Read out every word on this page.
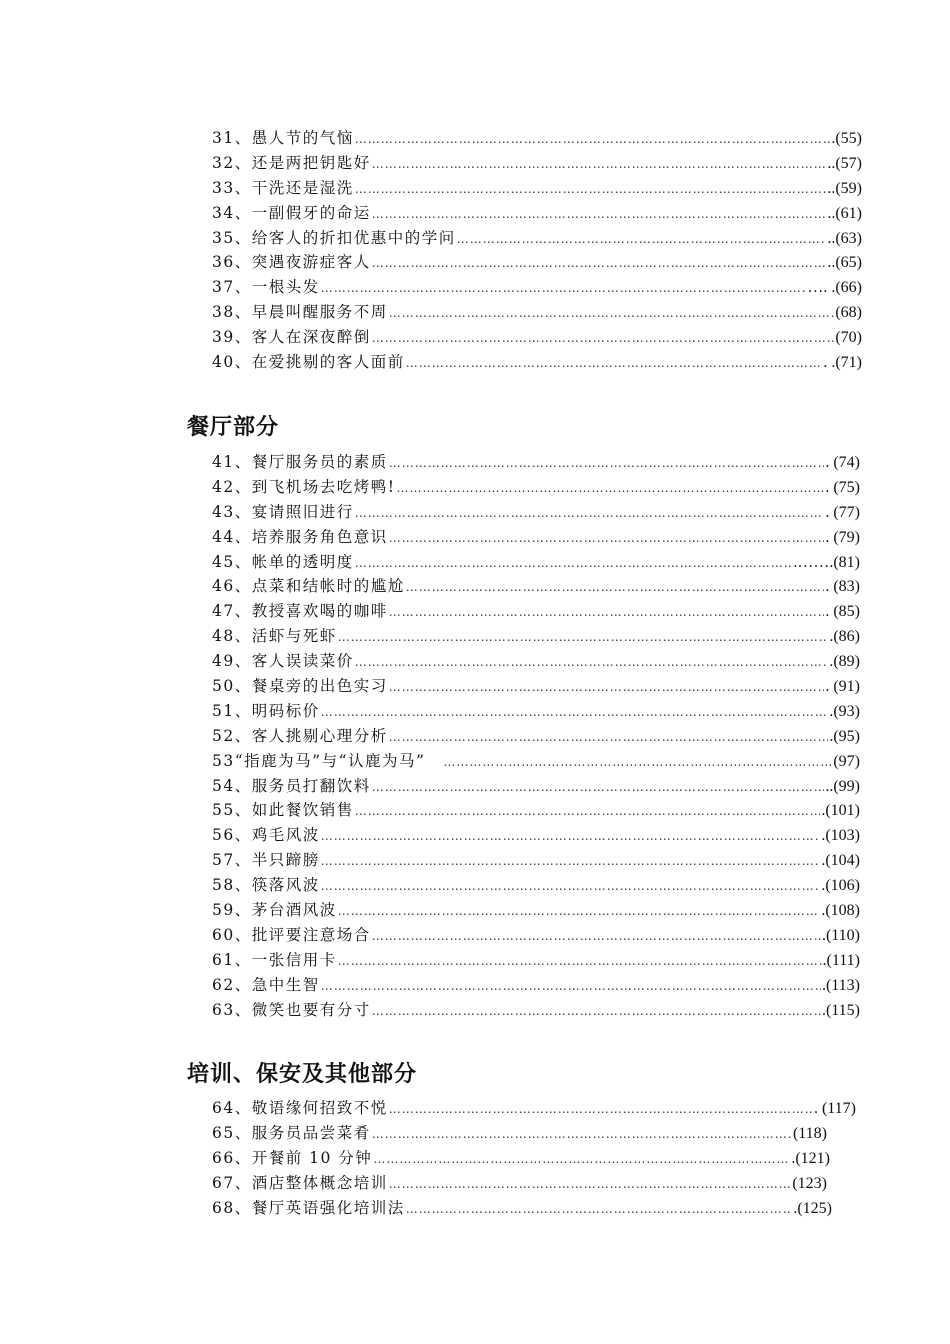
31、愚人节的气恼 ………………………………………………………………………………………………………………………………………………………………	.(55)
32、还是两把钥匙好 ………………………………………………………………………………………………………………………………………………………………	..(57)
33、干洗还是湿洗 ………………………………………………………………………………………………………………………………………………………………	..(59)
34、一副假牙的命运 ………………………………………………………………………………………………………………………………………………………………	..(61)
35、给客人的折扣优惠中的学问 ………………………………………………………………………………………………………………………………………………………………	..(63)
36、突遇夜游症客人 ………………………………………………………………………………………………………………………………………………………………	..(65)
37、一根头发 ………………………………………………………………………………………………………………………………………………………………	…. .(66)
38、早晨叫醒服务不周 ………………………………………………………………………………………………………………………………………………………………	(68)
39、客人在深夜醉倒 ………………………………………………………………………………………………………………………………………………………………	(70)
40、在爱挑剔的客人面前 ………………………………………………………………………………………………………………………………………………………………	. .(71)
餐厅部分
41、餐厅服务员的素质 ………………………………………………………………………………………………………………………………………………………………	. (74)
42、到飞机场去吃烤鸭! ………………………………………………………………………………………………………………………………………………………………	. (75)
43、宴请照旧进行 ………………………………………………………………………………………………………………………………………………………………	. (77)
44、培养服务角色意识 ………………………………………………………………………………………………………………………………………………………………	. (79)
45、帐单的透明度 ………………………………………………………………………………………………………………………………………………………………	.…….(81)
46、点菜和结帐时的尴尬 ………………………………………………………………………………………………………………………………………………………………	. (83)
47、教授喜欢喝的咖啡 ………………………………………………………………………………………………………………………………………………………………	. (85)
48、活虾与死虾 ………………………………………………………………………………………………………………………………………………………………	.(86)
49、客人误读菜价 ………………………………………………………………………………………………………………………………………………………………	.(89)
50、餐桌旁的出色实习 ………………………………………………………………………………………………………………………………………………………………	. (91)
51、明码标价 ………………………………………………………………………………………………………………………………………………………………	.(93)
52、客人挑剔心理分析 ………………………………………………………………………………………………………………………………………………………………	.(95)
53“指鹿为马”与“认鹿为马” ………………………………………………………………………………………………………………………………………………………………	(97)
54、服务员打翻饮料 ………………………………………………………………………………………………………………………………………………………………	..(99)
55、如此餐饮销售 ………………………………………………………………………………………………………………………………………………………………	.(101)
56、鸡毛风波 ………………………………………………………………………………………………………………………………………………………………	.(103)
57、半只蹄膀 ………………………………………………………………………………………………………………………………………………………………	.(104)
58、筷落风波 ………………………………………………………………………………………………………………………………………………………………	.(106)
59、茅台酒风波 ………………………………………………………………………………………………………………………………………………………………	.(108)
60、批评要注意场合 ………………………………………………………………………………………………………………………………………………………………	.(110)
61、一张信用卡 ………………………………………………………………………………………………………………………………………………………………	.(111)
62、急中生智 ………………………………………………………………………………………………………………………………………………………………	.(113)
63、微笑也要有分寸 ………………………………………………………………………………………………………………………………………………………………	.(115)
培训、保安及其他部分
64、敬语缘何招致不悦 ………………………………………………………………………………………………………………………………………………………………	. (117)
65、服务员品尝菜肴 ………………………………………………………………………………………………………………………………………………………………	(118)
66、开餐前 10 分钟 ………………………………………………………………………………………………………………………………………………………………	.(121)
67、酒店整体概念培训 ………………………………………………………………………………………………………………………………………………………………	(123)
68、餐厅英语强化培训法 ………………………………………………………………………………………………………………………………………………………………	.(125)
